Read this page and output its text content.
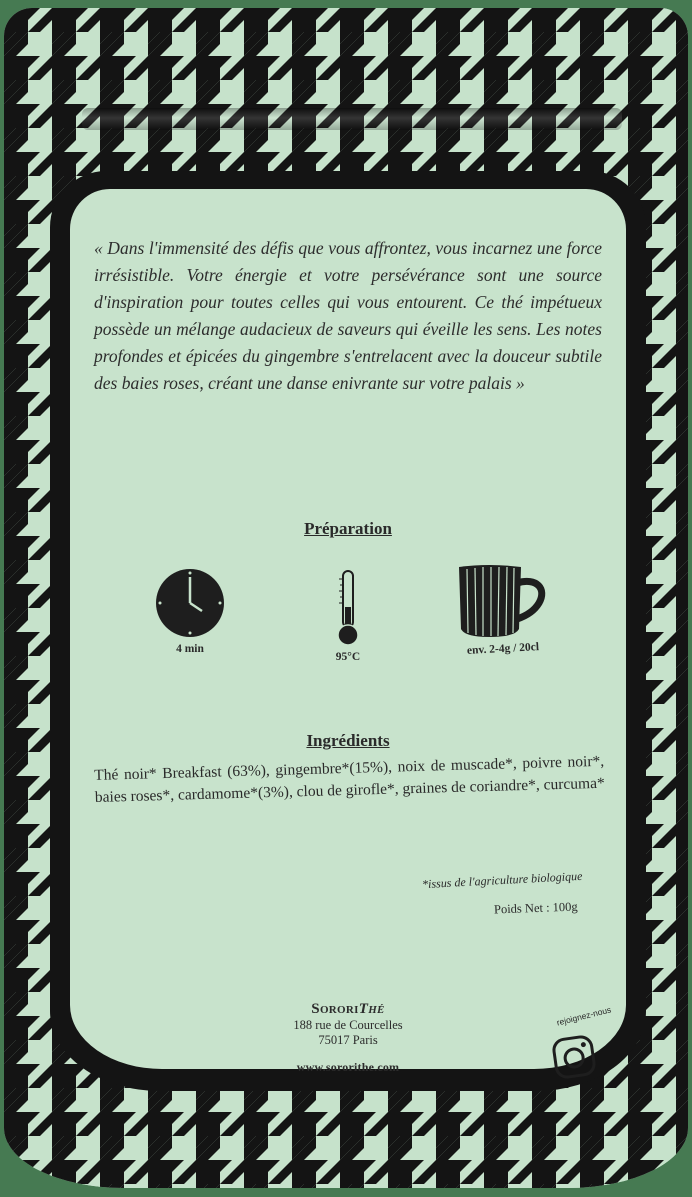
« Dans l'immensité des défis que vous affrontez, vous incarnez une force irrésistible. Votre énergie et votre persévérance sont une source d'inspiration pour toutes celles qui vous entourent. Ce thé impétueux possède un mélange audacieux de saveurs qui éveille les sens. Les notes profondes et épicées du gingembre s'entrelacent avec la douceur subtile des baies roses, créant une danse enivrante sur votre palais »
Préparation
4 min
95°C
env. 2-4g / 20cl
Ingrédients
Thé noir* Breakfast (63%), gingembre*(15%), noix de muscade*, poivre noir*, baies roses*, cardamome*(3%), clou de girofle*, graines de coriandre*, curcuma*
*issus de l'agriculture biologique
Poids Net : 100g
SororiThé
188 rue de Courcelles
75017 Paris
www.sororithe.com
rejoignez-nous
